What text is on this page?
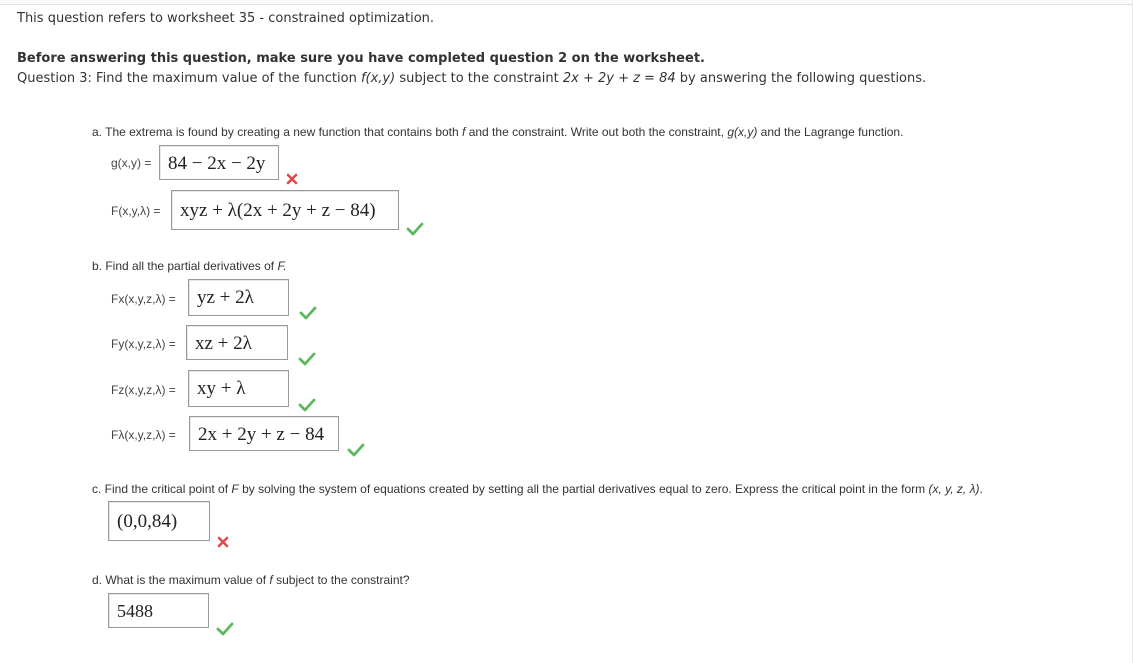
This question refers to worksheet 35 - constrained optimization.
Before answering this question, make sure you have completed question 2 on the worksheet.
Question 3: Find the maximum value of the function f(x,y) subject to the constraint 2x + 2y + z = 84 by answering the following questions.
a. The extrema is found by creating a new function that contains both f and the constraint. Write out both the constraint, g(x,y) and the Lagrange function.
g(x,y) = 84 − 2x − 2y
F(x,y,λ) = xyz + λ(2x + 2y + z − 84)
b. Find all the partial derivatives of F.
Fx(x,y,z,λ) = yz + 2λ
Fy(x,y,z,λ) = xz + 2λ
Fz(x,y,z,λ) = xy + λ
Fλ(x,y,z,λ) = 2x + 2y + z − 84
c. Find the critical point of F by solving the system of equations created by setting all the partial derivatives equal to zero. Express the critical point in the form (x, y, z, λ).
(0,0,84)
d. What is the maximum value of f subject to the constraint?
5488
